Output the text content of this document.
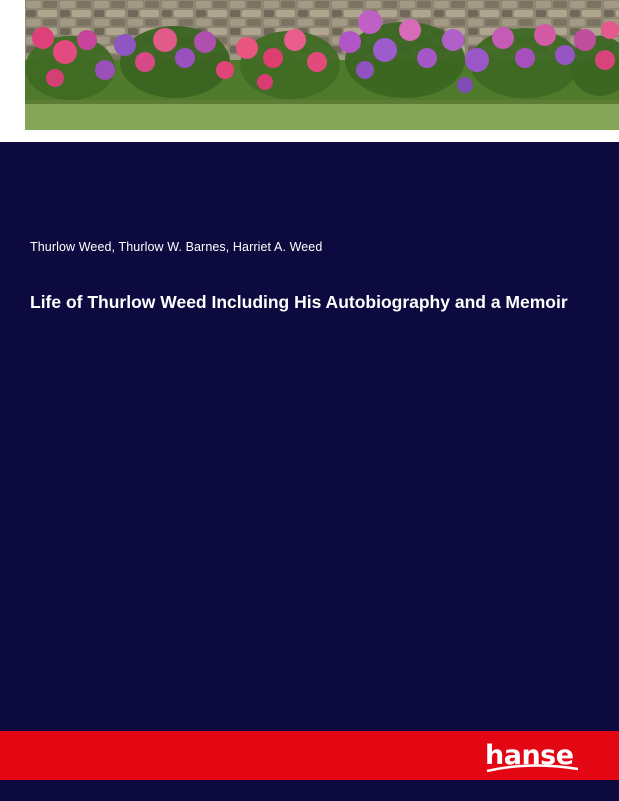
Thurlow Weed, Thurlow W. Barnes, Harriet A. Weed
Life of Thurlow Weed Including His Autobiography and a Memoir
hanse
